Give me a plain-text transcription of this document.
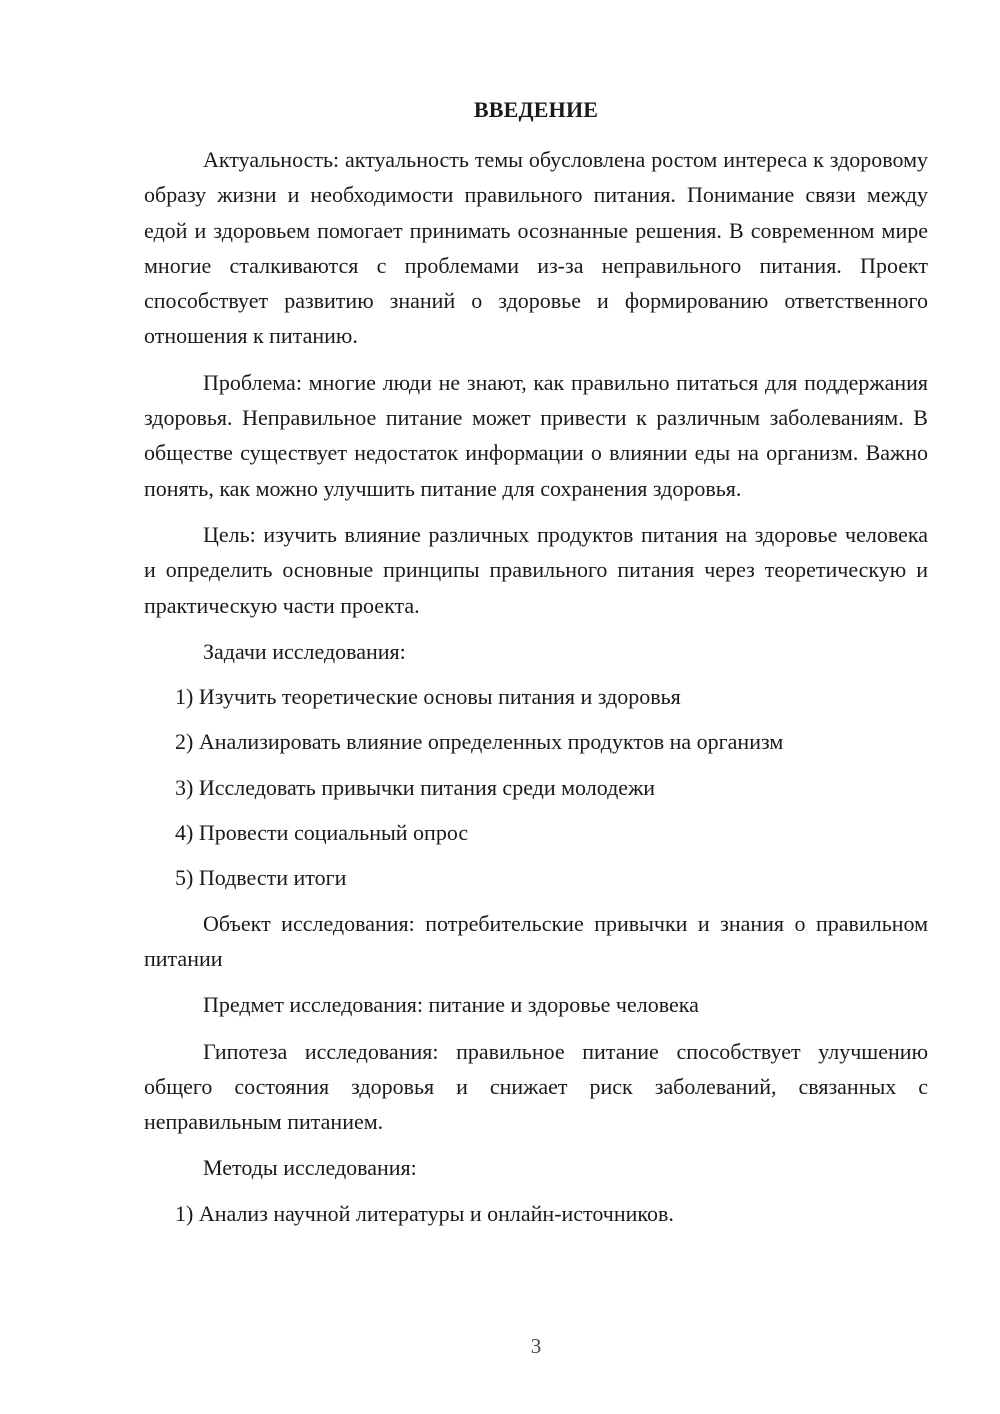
ВВЕДЕНИЕ

Актуальность: актуальность темы обусловлена ростом интереса к здоровому образу жизни и необходимости правильного питания. Понимание связи между едой и здоровьем помогает принимать осознанные решения. В современном мире многие сталкиваются с проблемами из-за неправильного питания. Проект способствует развитию знаний о здоровье и формированию ответственного отношения к питанию.

Проблема: многие люди не знают, как правильно питаться для поддержания здоровья. Неправильное питание может привести к различным заболеваниям. В обществе существует недостаток информации о влиянии еды на организм. Важно понять, как можно улучшить питание для сохранения здоровья.

Цель: изучить влияние различных продуктов питания на здоровье человека и определить основные принципы правильного питания через теоретическую и практическую части проекта.

Задачи исследования:

1) Изучить теоретические основы питания и здоровья

2) Анализировать влияние определенных продуктов на организм

3) Исследовать привычки питания среди молодежи

4) Провести социальный опрос

5) Подвести итоги

Объект исследования: потребительские привычки и знания о правильном питании

Предмет исследования: питание и здоровье человека

Гипотеза исследования: правильное питание способствует улучшению общего состояния здоровья и снижает риск заболеваний, связанных с неправильным питанием.

Методы исследования:

1) Анализ научной литературы и онлайн-источников.

3
